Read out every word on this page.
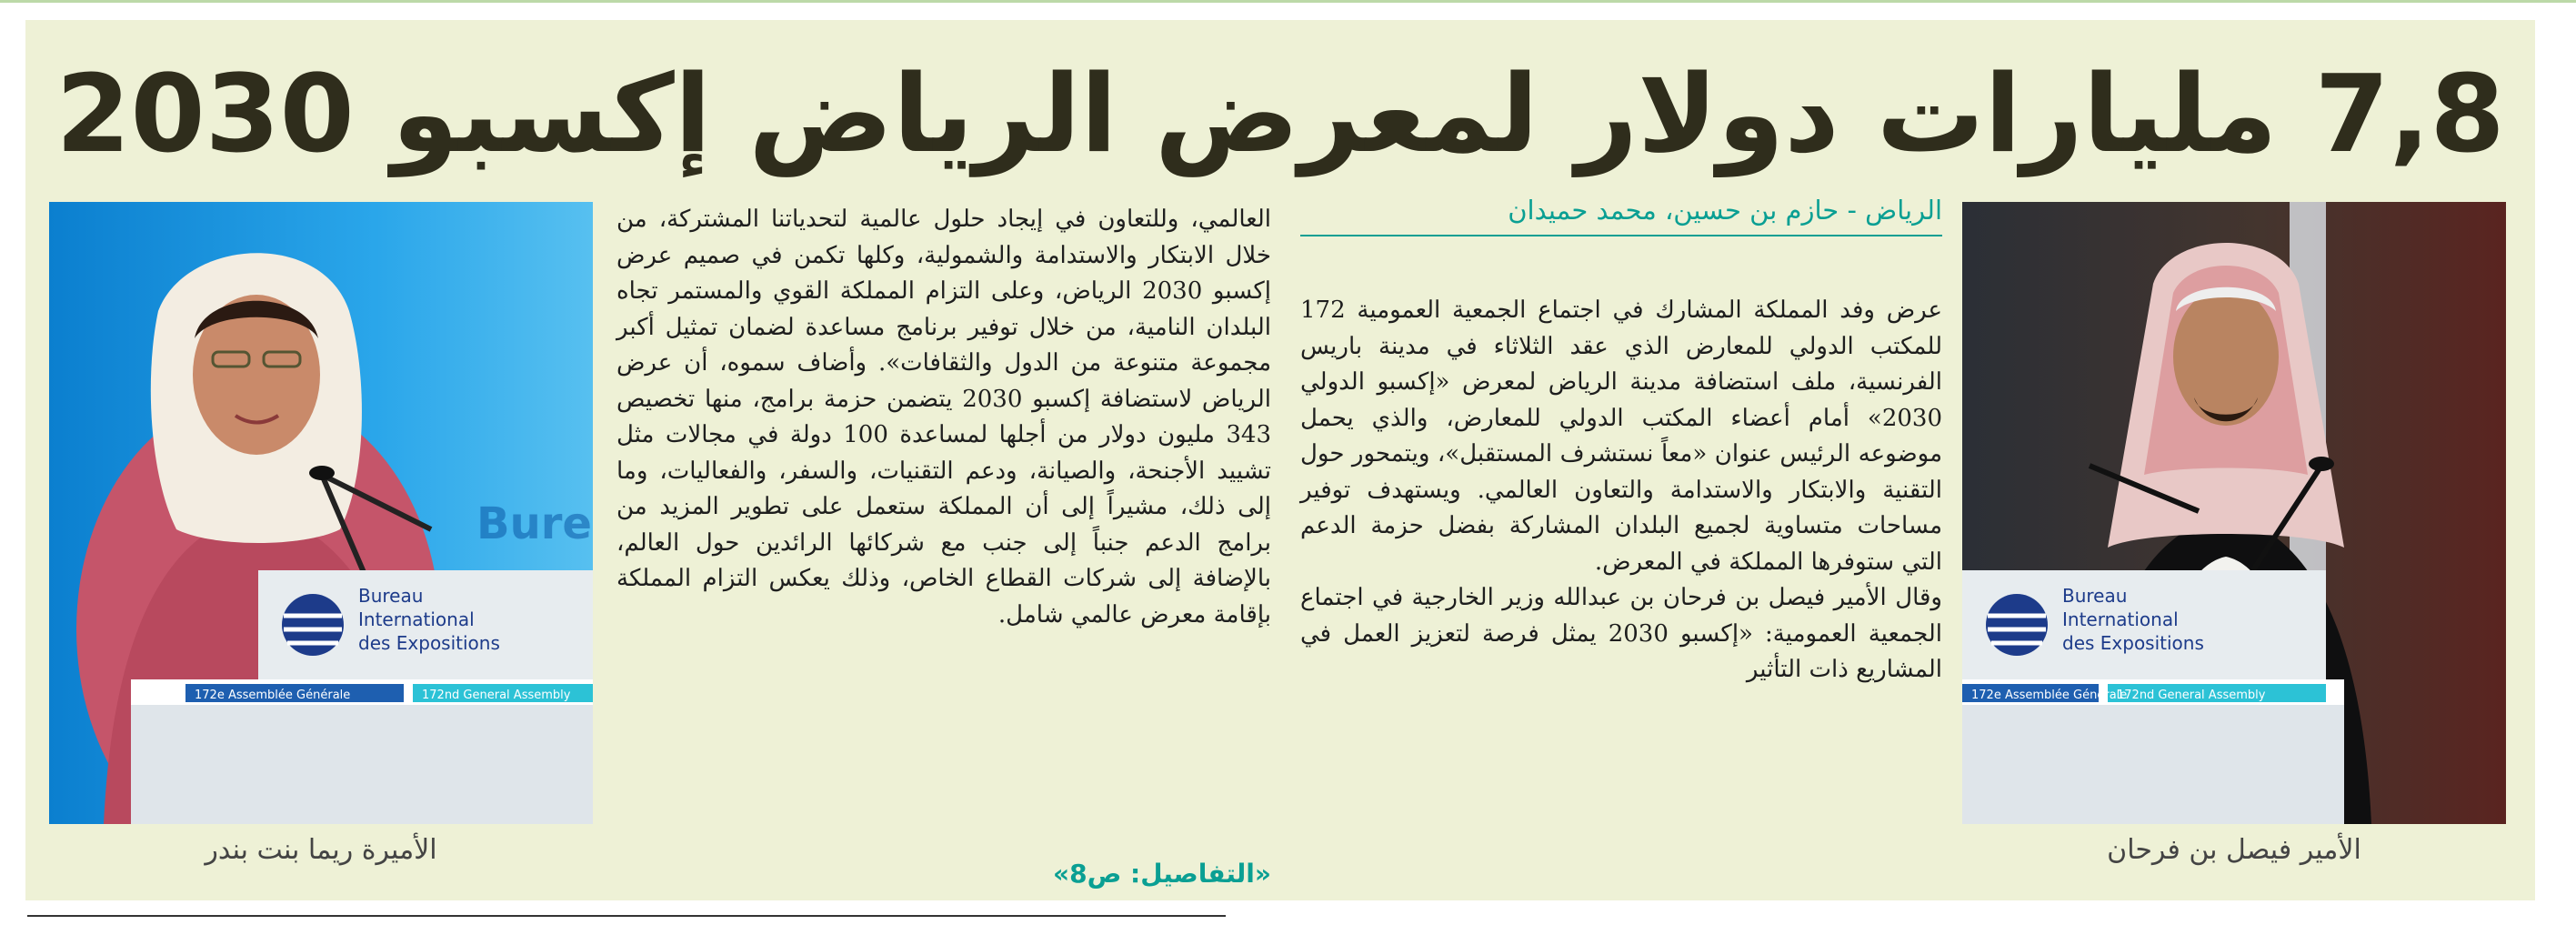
7,8 مليارات دولار لمعرض الرياض إكسبو 2030
Bure
Bureau
International
des Expositions
172e Assemblée Générale	172nd General Assembly
Bureau
International
des Expositions
172e Assemblée Générale
172nd General Assembly
الأميرة ريما بنت بندر	الأمير فيصل بن فرحان
الرياض - حازم بن حسين، محمد حميدان

عرض وفد المملكة المشارك في اجتماع الجمعية العمومية 172 للمكتب الدولي للمعارض الذي عقد الثلاثاء في مدينة باريس الفرنسية، ملف استضافة مدينة الرياض لمعرض «إكسبو الدولي 2030» أمام أعضاء المكتب الدولي للمعارض، والذي يحمل موضوعه الرئيس عنوان «معاً نستشرف المستقبل»، ويتمحور حول التقنية والابتكار والاستدامة والتعاون العالمي. ويستهدف توفير مساحات متساوية لجميع البلدان المشاركة بفضل حزمة الدعم التي ستوفرها المملكة في المعرض.

وقال الأمير فيصل بن فرحان بن عبدالله وزير الخارجية في اجتماع الجمعية العمومية: «إكسبو 2030 يمثل فرصة لتعزيز العمل في المشاريع ذات التأثير

العالمي، وللتعاون في إيجاد حلول عالمية لتحدياتنا المشتركة، من خلال الابتكار والاستدامة والشمولية، وكلها تكمن في صميم عرض إكسبو 2030 الرياض، وعلى التزام المملكة القوي والمستمر تجاه البلدان النامية، من خلال توفير برنامج مساعدة لضمان تمثيل أكبر مجموعة متنوعة من الدول والثقافات». وأضاف سموه، أن عرض الرياض لاستضافة إكسبو 2030 يتضمن حزمة برامج، منها تخصيص 343 مليون دولار من أجلها لمساعدة 100 دولة في مجالات مثل تشييد الأجنحة، والصيانة، ودعم التقنيات، والسفر، والفعاليات، وما إلى ذلك، مشيراً إلى أن المملكة ستعمل على تطوير المزيد من برامج الدعم جنباً إلى جنب مع شركائها الرائدين حول العالم، بالإضافة إلى شركات القطاع الخاص، وذلك يعكس التزام المملكة بإقامة معرض عالمي شامل.

«التفاصيل: ص8»
